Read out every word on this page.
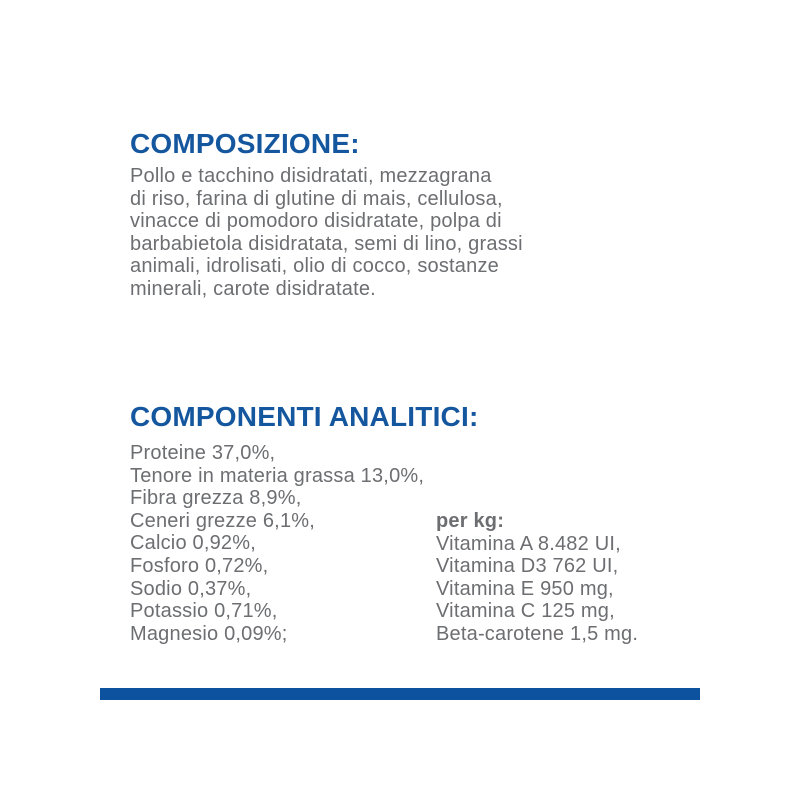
COMPOSIZIONE:
Pollo e tacchino disidratati, mezzagrana
di riso, farina di glutine di mais, cellulosa,
vinacce di pomodoro disidratate, polpa di
barbabietola disidratata, semi di lino, grassi
animali, idrolisati, olio di cocco, sostanze
minerali, carote disidratate.
COMPONENTI ANALITICI:
Proteine 37,0%,
Tenore in materia grassa 13,0%,
Fibra grezza 8,9%,
Ceneri grezze 6,1%,
Calcio 0,92%,
Fosforo 0,72%,
Sodio 0,37%,
Potassio 0,71%,
Magnesio 0,09%;
per kg:
Vitamina A 8.482 UI,
Vitamina D3 762 UI,
Vitamina E 950 mg,
Vitamina C 125 mg,
Beta-carotene 1,5 mg.
